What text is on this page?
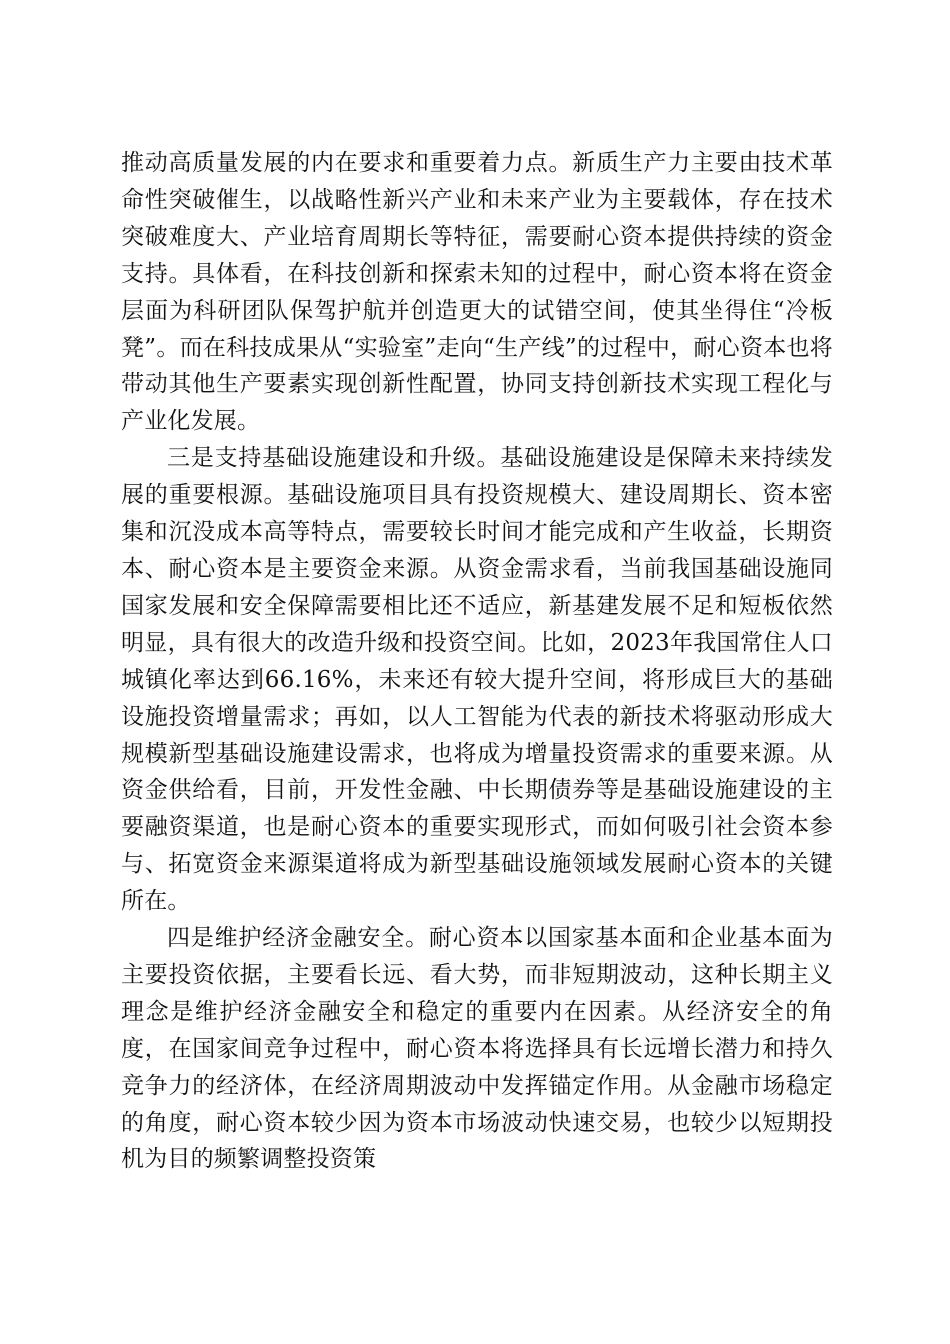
推动高质量发展的内在要求和重要着力点。新质生产力主要由技术革命性突破催生，以战略性新兴产业和未来产业为主要载体，存在技术突破难度大、产业培育周期长等特征，需要耐心资本提供持续的资金支持。具体看，在科技创新和探索未知的过程中，耐心资本将在资金层面为科研团队保驾护航并创造更大的试错空间，使其坐得住“冷板凳”。而在科技成果从“实验室”走向“生产线”的过程中，耐心资本也将带动其他生产要素实现创新性配置，协同支持创新技术实现工程化与产业化发展。

三是支持基础设施建设和升级。基础设施建设是保障未来持续发展的重要根源。基础设施项目具有投资规模大、建设周期长、资本密集和沉没成本高等特点，需要较长时间才能完成和产生收益，长期资本、耐心资本是主要资金来源。从资金需求看，当前我国基础设施同国家发展和安全保障需要相比还不适应，新基建发展不足和短板依然明显，具有很大的改造升级和投资空间。比如，2023年我国常住人口城镇化率达到66.16%，未来还有较大提升空间，将形成巨大的基础设施投资增量需求；再如，以人工智能为代表的新技术将驱动形成大规模新型基础设施建设需求，也将成为增量投资需求的重要来源。从资金供给看，目前，开发性金融、中长期债券等是基础设施建设的主要融资渠道，也是耐心资本的重要实现形式，而如何吸引社会资本参与、拓宽资金来源渠道将成为新型基础设施领域发展耐心资本的关键所在。

四是维护经济金融安全。耐心资本以国家基本面和企业基本面为主要投资依据，主要看长远、看大势，而非短期波动，这种长期主义理念是维护经济金融安全和稳定的重要内在因素。从经济安全的角度，在国家间竞争过程中，耐心资本将选择具有长远增长潜力和持久竞争力的经济体，在经济周期波动中发挥锚定作用。从金融市场稳定的角度，耐心资本较少因为资本市场波动快速交易，也较少以短期投机为目的频繁调整投资策
